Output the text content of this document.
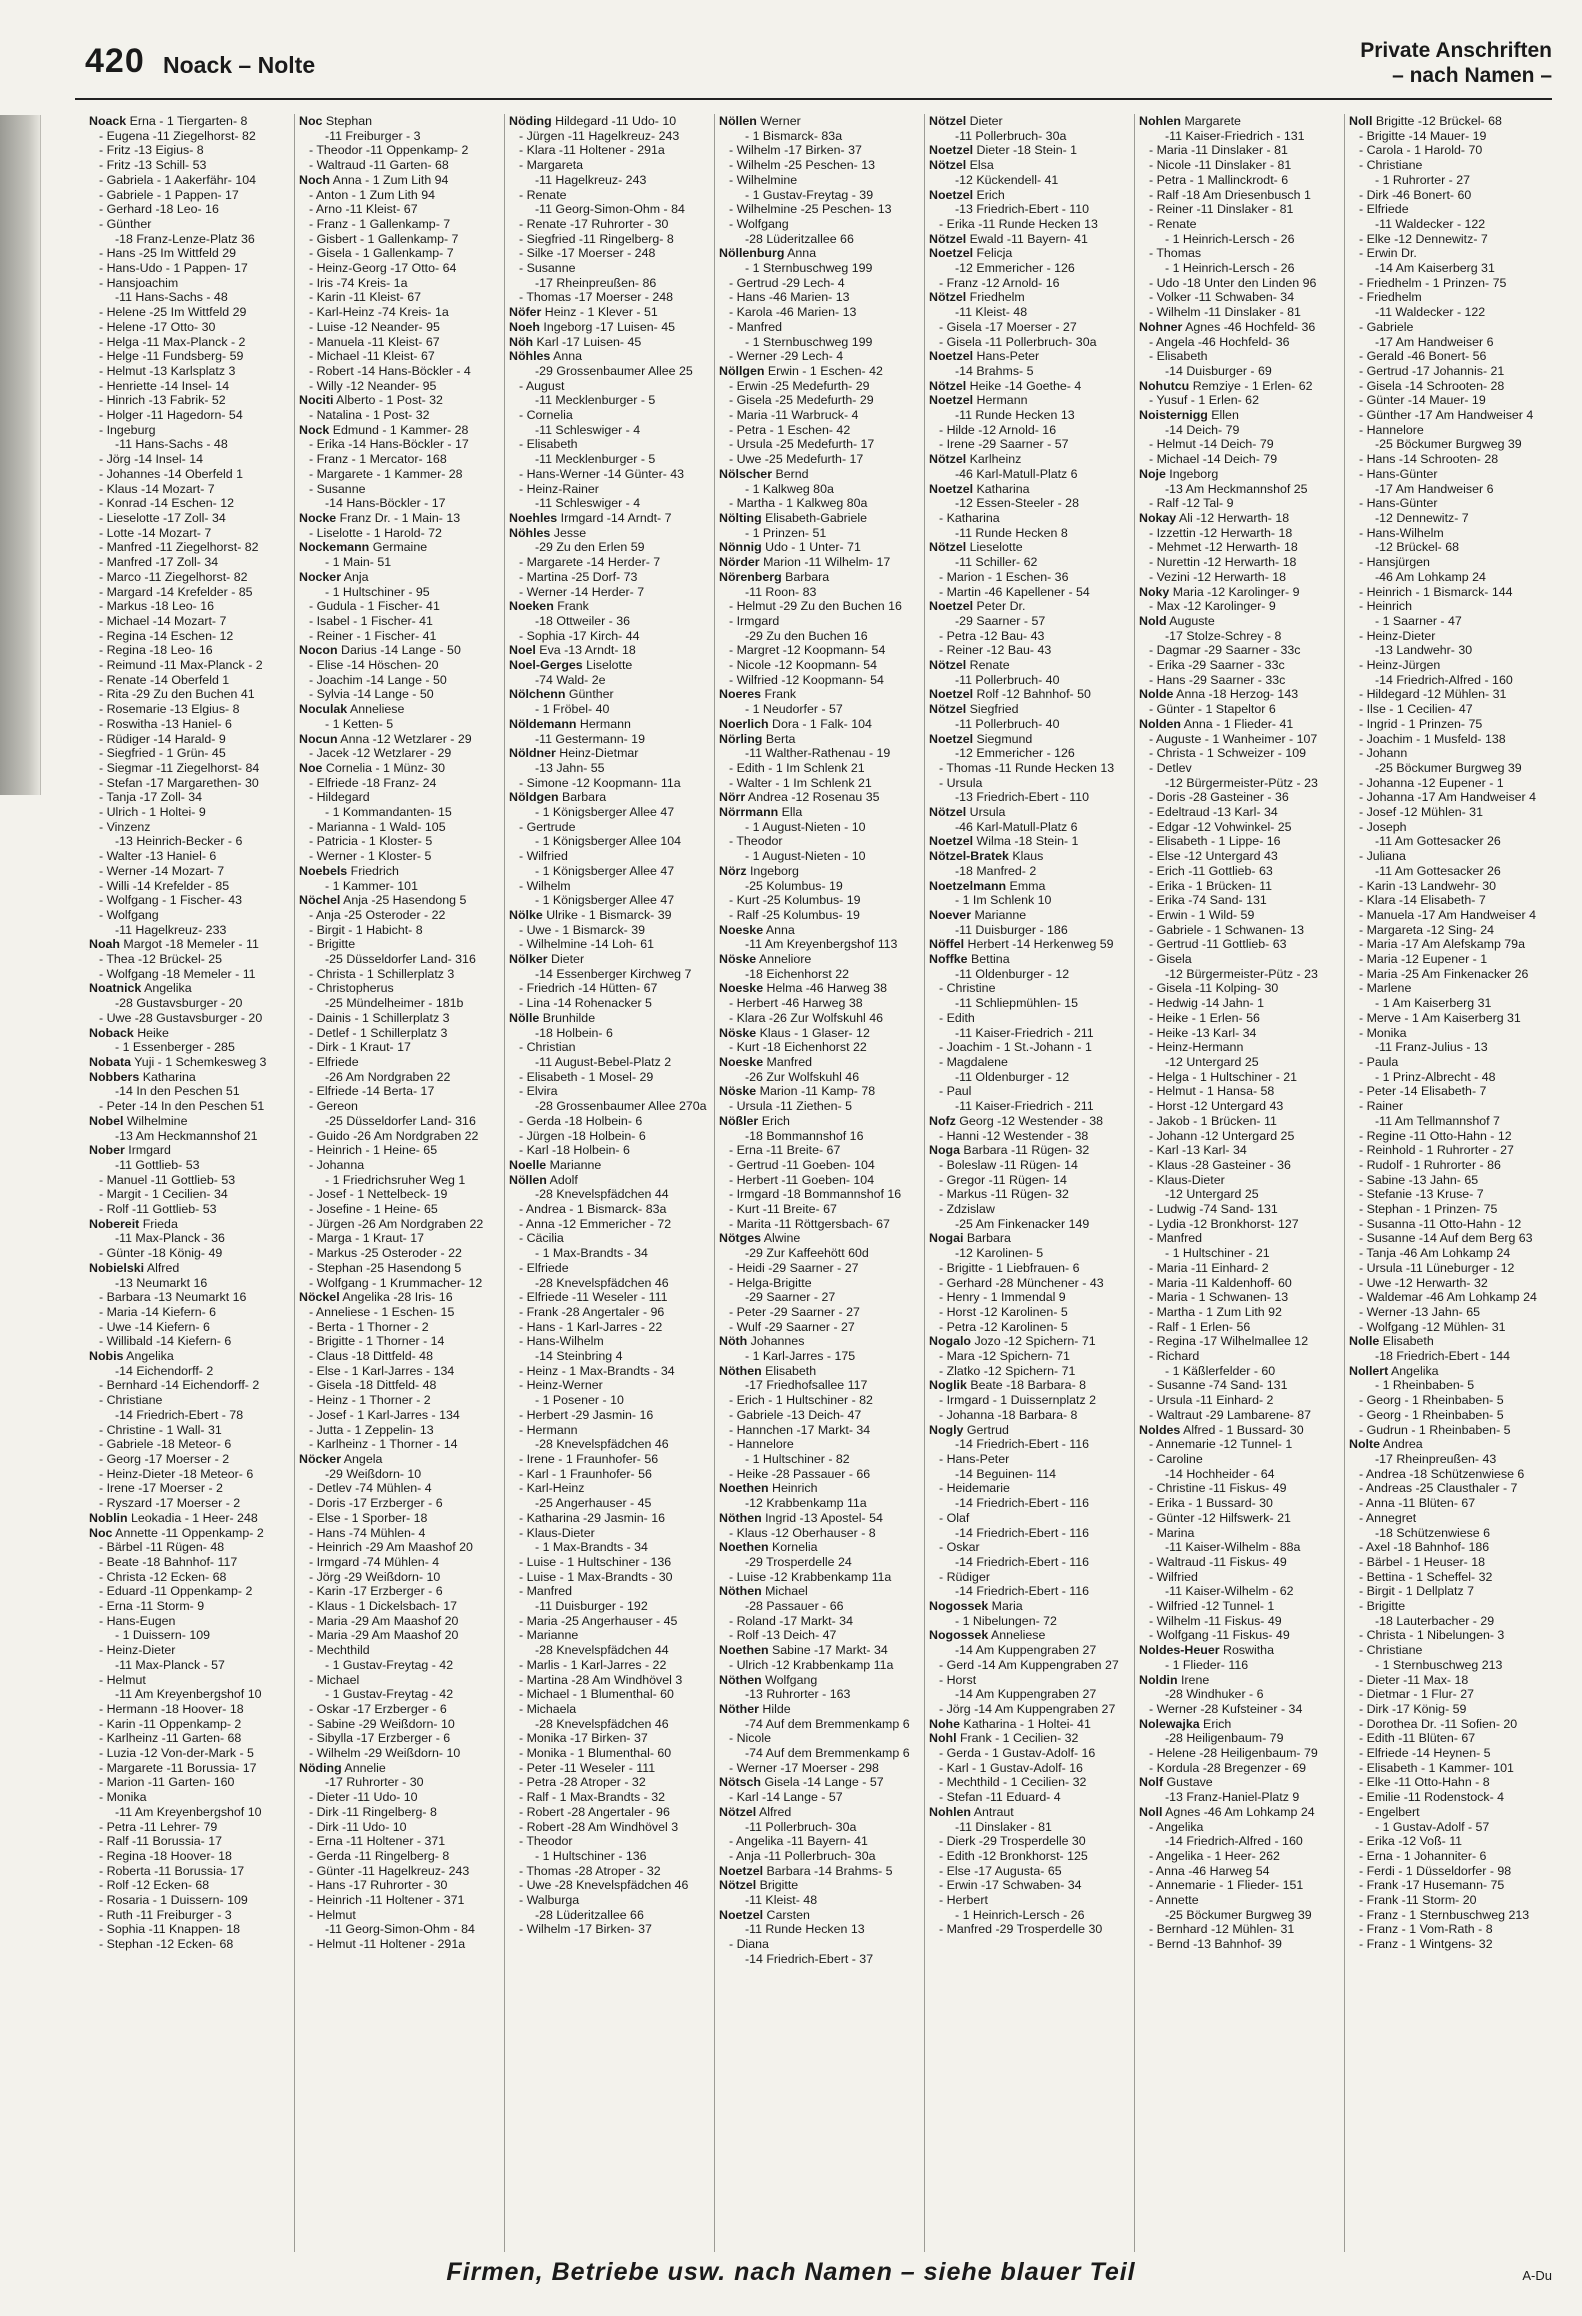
420 Noack – Nolte
Private Anschriften
– nach Namen –
Noack Erna - 1 Tiergarten- 8
- Eugena -11 Ziegelhorst- 82
- Fritz -13 Eigius- 8
- Fritz -13 Schill- 53
- Gabriela - 1 Aakerfähr- 104
- Gabriele - 1 Pappen- 17
- Gerhard -18 Leo- 16
- Günther
-18 Franz-Lenze-Platz 36
- Hans -25 Im Wittfeld 29
- Hans-Udo - 1 Pappen- 17
- Hansjoachim
-11 Hans-Sachs - 48
- Helene -25 Im Wittfeld 29
- Helene -17 Otto- 30
- Helga -11 Max-Planck - 2
- Helge -11 Fundsberg- 59
- Helmut -13 Karlsplatz 3
- Henriette -14 Insel- 14
- Hinrich -13 Fabrik- 52
- Holger -11 Hagedorn- 54
- Ingeburg
-11 Hans-Sachs - 48
- Jörg -14 Insel- 14
- Johannes -14 Oberfeld 1
- Klaus -14 Mozart- 7
- Konrad -14 Eschen- 12
- Lieselotte -17 Zoll- 34
- Lotte -14 Mozart- 7
- Manfred -11 Ziegelhorst- 82
- Manfred -17 Zoll- 34
- Marco -11 Ziegelhorst- 82
- Margard -14 Krefelder - 85
- Markus -18 Leo- 16
- Michael -14 Mozart- 7
- Regina -14 Eschen- 12
- Regina -18 Leo- 16
- Reimund -11 Max-Planck - 2
- Renate -14 Oberfeld 1
- Rita -29 Zu den Buchen 41
- Rosemarie -13 Elgius- 8
- Roswitha -13 Haniel- 6
- Rüdiger -14 Harald- 9
- Siegfried - 1 Grün- 45
- Siegmar -11 Ziegelhorst- 84
- Stefan -17 Margarethen- 30
- Tanja -17 Zoll- 34
- Ulrich - 1 Holtei- 9
- Vinzenz
-13 Heinrich-Becker - 6
- Walter -13 Haniel- 6
- Werner -14 Mozart- 7
- Willi -14 Krefelder - 85
- Wolfgang - 1 Fischer- 43
- Wolfgang
-11 Hagelkreuz- 233
Noah Margot -18 Memeler - 11
- Thea -12 Brückel- 25
- Wolfgang -18 Memeler - 11
Noatnick Angelika
-28 Gustavsburger - 20
- Uwe -28 Gustavsburger - 20
Noback Heike
- 1 Essenberger - 285
Nobata Yuji - 1 Schemkesweg 3
Nobbers Katharina
-14 In den Peschen 51
- Peter -14 In den Peschen 51
Nobel Wilhelmine
-13 Am Heckmannshof 21
Nober Irmgard
-11 Gottlieb- 53
- Manuel -11 Gottlieb- 53
- Margit - 1 Cecilien- 34
- Rolf -11 Gottlieb- 53
Nobereit Frieda
-11 Max-Planck - 36
- Günter -18 König- 49
Nobielski Alfred
-13 Neumarkt 16
- Barbara -13 Neumarkt 16
- Maria -14 Kiefern- 6
- Uwe -14 Kiefern- 6
- Willibald -14 Kiefern- 6
Nobis Angelika
-14 Eichendorff- 2
- Bernhard -14 Eichendorff- 2
- Christiane
-14 Friedrich-Ebert - 78
- Christine - 1 Wall- 31
- Gabriele -18 Meteor- 6
- Georg -17 Moerser - 2
- Heinz-Dieter -18 Meteor- 6
- Irene -17 Moerser - 2
- Ryszard -17 Moerser - 2
Noblin Leokadia - 1 Heer- 248
Noc Annette -11 Oppenkamp- 2
- Bärbel -11 Rügen- 48
- Beate -18 Bahnhof- 117
- Christa -12 Ecken- 68
- Eduard -11 Oppenkamp- 2
- Erna -11 Storm- 9
- Hans-Eugen
- 1 Duissern- 109
- Heinz-Dieter
-11 Max-Planck - 57
- Helmut
-11 Am Kreyenbergshof 10
- Hermann -18 Hoover- 18
- Karin -11 Oppenkamp- 2
- Karlheinz -11 Garten- 68
- Luzia -12 Von-der-Mark - 5
- Margarete -11 Borussia- 17
- Marion -11 Garten- 160
- Monika
-11 Am Kreyenbergshof 10
- Petra -11 Lehrer- 79
- Ralf -11 Borussia- 17
- Regina -18 Hoover- 18
- Roberta -11 Borussia- 17
- Rolf -12 Ecken- 68
- Rosaria - 1 Duissern- 109
- Ruth -11 Freiburger - 3
- Sophia -11 Knappen- 18
- Stephan -12 Ecken- 68
Noc Stephan
-11 Freiburger - 3
- Theodor -11 Oppenkamp- 2
- Waltraud -11 Garten- 68
Noch Anna - 1 Zum Lith 94
- Anton - 1 Zum Lith 94
- Arno -11 Kleist- 67
- Franz - 1 Gallenkamp- 7
- Gisbert - 1 Gallenkamp- 7
- Gisela - 1 Gallenkamp- 7
- Heinz-Georg -17 Otto- 64
- Iris -74 Kreis- 1a
- Karin -11 Kleist- 67
- Karl-Heinz -74 Kreis- 1a
- Luise -12 Neander- 95
- Manuela -11 Kleist- 67
- Michael -11 Kleist- 67
- Robert -14 Hans-Böckler - 4
- Willy -12 Neander- 95
Nociti Alberto - 1 Post- 32
- Natalina - 1 Post- 32
Nock Edmund - 1 Kammer- 28
- Erika -14 Hans-Böckler - 17
- Franz - 1 Mercator- 168
- Margarete - 1 Kammer- 28
- Susanne
-14 Hans-Böckler - 17
Nocke Franz Dr. - 1 Main- 13
- Liselotte - 1 Harold- 72
Nockemann Germaine
- 1 Main- 51
Nocker Anja
- 1 Hultschiner - 95
- Gudula - 1 Fischer- 41
- Isabel - 1 Fischer- 41
- Reiner - 1 Fischer- 41
Nocon Darius -14 Lange - 50
- Elise -14 Höschen- 20
- Joachim -14 Lange - 50
- Sylvia -14 Lange - 50
Noculak Anneliese
- 1 Ketten- 5
Nocun Anna -12 Wetzlarer - 29
- Jacek -12 Wetzlarer - 29
Noe Cornelia - 1 Münz- 30
- Elfriede -18 Franz- 24
- Hildegard
- 1 Kommandanten- 15
- Marianna - 1 Wald- 105
- Patricia - 1 Kloster- 5
- Werner - 1 Kloster- 5
Noebels Friedrich
- 1 Kammer- 101
Nöchel Anja -25 Hasendong 5
- Anja -25 Osteroder - 22
- Birgit - 1 Habicht- 8
- Brigitte
-25 Düsseldorfer Land- 316
- Christa - 1 Schillerplatz 3
- Christopherus
-25 Mündelheimer - 181b
- Dainis - 1 Schillerplatz 3
- Detlef - 1 Schillerplatz 3
- Dirk - 1 Kraut- 17
- Elfriede
-26 Am Nordgraben 22
- Elfriede -14 Berta- 17
- Gereon
-25 Düsseldorfer Land- 316
- Guido -26 Am Nordgraben 22
- Heinrich - 1 Heine- 65
- Johanna
- 1 Friedrichsruher Weg 1
- Josef - 1 Nettelbeck- 19
- Josefine - 1 Heine- 65
- Jürgen -26 Am Nordgraben 22
- Marga - 1 Kraut- 17
- Markus -25 Osteroder - 22
- Stephan -25 Hasendong 5
- Wolfgang - 1 Krummacher- 12
Nöckel Angelika -28 Iris- 16
- Anneliese - 1 Eschen- 15
- Berta - 1 Thorner - 2
- Brigitte - 1 Thorner - 14
- Claus -18 Dittfeld- 48
- Else - 1 Karl-Jarres - 134
- Gisela -18 Dittfeld- 48
- Heinz - 1 Thorner - 2
- Josef - 1 Karl-Jarres - 134
- Jutta - 1 Zeppelin- 13
- Karlheinz - 1 Thorner - 14
Nöcker Angela
-29 Weißdorn- 10
- Detlev -74 Mühlen- 4
- Doris -17 Erzberger - 6
- Else - 1 Sporber- 18
- Hans -74 Mühlen- 4
- Heinrich -29 Am Maashof 20
- Irmgard -74 Mühlen- 4
- Jörg -29 Weißdorn- 10
- Karin -17 Erzberger - 6
- Klaus - 1 Dickelsbach- 17
- Maria -29 Am Maashof 20
- Maria -29 Am Maashof 20
- Mechthild
- 1 Gustav-Freytag - 42
- Michael
- 1 Gustav-Freytag - 42
- Oskar -17 Erzberger - 6
- Sabine -29 Weißdorn- 10
- Sibylla -17 Erzberger - 6
- Wilhelm -29 Weißdorn- 10
Nöding Annelie
-17 Ruhrorter - 30
- Dieter -11 Udo- 10
- Dirk -11 Ringelberg- 8
- Dirk -11 Udo- 10
- Erna -11 Holtener - 371
- Gerda -11 Ringelberg- 8
- Günter -11 Hagelkreuz- 243
- Hans -17 Ruhrorter - 30
- Heinrich -11 Holtener - 371
- Helmut
-11 Georg-Simon-Ohm - 84
- Helmut -11 Holtener - 291a
Nöding Hildegard -11 Udo- 10
- Jürgen -11 Hagelkreuz- 243
- Klara -11 Holtener - 291a
- Margareta
-11 Hagelkreuz- 243
- Renate
-11 Georg-Simon-Ohm - 84
- Renate -17 Ruhrorter - 30
- Siegfried -11 Ringelberg- 8
- Silke -17 Moerser - 248
- Susanne
-17 Rheinpreußen- 86
- Thomas -17 Moerser - 248
Nöfer Heinz - 1 Klever - 51
Noeh Ingeborg -17 Luisen- 45
Nöh Karl -17 Luisen- 45
Nöhles Anna
-29 Grossenbaumer Allee 25
- August
-11 Mecklenburger - 5
- Cornelia
-11 Schleswiger - 4
- Elisabeth
-11 Mecklenburger - 5
- Hans-Werner -14 Günter- 43
- Heinz-Rainer
-11 Schleswiger - 4
Noehles Irmgard -14 Arndt- 7
Nöhles Jesse
-29 Zu den Erlen 59
- Margarete -14 Herder- 7
- Martina -25 Dorf- 73
- Werner -14 Herder- 7
Noeken Frank
-18 Ottweiler - 36
- Sophia -17 Kirch- 44
Noel Eva -13 Arndt- 18
Noel-Gerges Liselotte
-74 Wald- 2e
Nölchenn Günther
- 1 Fröbel- 40
Nöldemann Hermann
-11 Gestermann- 19
Nöldner Heinz-Dietmar
-13 Jahn- 55
- Simone -12 Koopmann- 11a
Nöldgen Barbara
- 1 Königsberger Allee 47
- Gertrude
- 1 Königsberger Allee 104
- Wilfried
- 1 Königsberger Allee 47
- Wilhelm
- 1 Königsberger Allee 47
Nölke Ulrike - 1 Bismarck- 39
- Uwe - 1 Bismarck- 39
- Wilhelmine -14 Loh- 61
Nölker Dieter
-14 Essenberger Kirchweg 7
- Friedrich -14 Hütten- 67
- Lina -14 Rohenacker 5
Nölle Brunhilde
-18 Holbein- 6
- Christian
-11 August-Bebel-Platz 2
- Elisabeth - 1 Mosel- 29
- Elvira
-28 Grossenbaumer Allee 270a
- Gerda -18 Holbein- 6
- Jürgen -18 Holbein- 6
- Karl -18 Holbein- 6
Noelle Marianne
Nöllen Adolf
-28 Knevelspfädchen 44
- Andrea - 1 Bismarck- 83a
- Anna -12 Emmericher - 72
- Cäcilia
- 1 Max-Brandts - 34
- Elfriede
-28 Knevelspfädchen 46
- Elfriede -11 Weseler - 111
- Frank -28 Angertaler - 96
- Hans - 1 Karl-Jarres - 22
- Hans-Wilhelm
-14 Steinbring 4
- Heinz - 1 Max-Brandts - 34
- Heinz-Werner
- 1 Posener - 10
- Herbert -29 Jasmin- 16
- Hermann
-28 Knevelspfädchen 46
- Irene - 1 Fraunhofer- 56
- Karl - 1 Fraunhofer- 56
- Karl-Heinz
-25 Angerhauser - 45
- Katharina -29 Jasmin- 16
- Klaus-Dieter
- 1 Max-Brandts - 34
- Luise - 1 Hultschiner - 136
- Luise - 1 Max-Brandts - 30
- Manfred
-11 Duisburger - 192
- Maria -25 Angerhauser - 45
- Marianne
-28 Knevelspfädchen 44
- Marlis - 1 Karl-Jarres - 22
- Martina -28 Am Windhövel 3
- Michael - 1 Blumenthal- 60
- Michaela
-28 Knevelspfädchen 46
- Monika -17 Birken- 37
- Monika - 1 Blumenthal- 60
- Peter -11 Weseler - 111
- Petra -28 Atroper - 32
- Ralf - 1 Max-Brandts - 32
- Robert -28 Angertaler - 96
- Robert -28 Am Windhövel 3
- Theodor
- 1 Hultschiner - 136
- Thomas -28 Atroper - 32
- Uwe -28 Knevelspfädchen 46
- Walburga
-28 Lüderitzallee 66
- Wilhelm -17 Birken- 37
Nöllen Werner
- 1 Bismarck- 83a
- Wilhelm -17 Birken- 37
- Wilhelm -25 Peschen- 13
- Wilhelmine
- 1 Gustav-Freytag - 39
- Wilhelmine -25 Peschen- 13
- Wolfgang
-28 Lüderitzallee 66
Nöllenburg Anna
- 1 Sternbuschweg 199
- Gertrud -29 Lech- 4
- Hans -46 Marien- 13
- Karola -46 Marien- 13
- Manfred
- 1 Sternbuschweg 199
- Werner -29 Lech- 4
Nöllgen Erwin - 1 Eschen- 42
- Erwin -25 Medefurth- 29
- Gisela -25 Medefurth- 29
- Maria -11 Warbruck- 4
- Petra - 1 Eschen- 42
- Ursula -25 Medefurth- 17
- Uwe -25 Medefurth- 17
Nölscher Bernd
- 1 Kalkweg 80a
- Martha - 1 Kalkweg 80a
Nölting Elisabeth-Gabriele
- 1 Prinzen- 51
Nönnig Udo - 1 Unter- 71
Nörder Marion -11 Wilhelm- 17
Nörenberg Barbara
-11 Roon- 83
- Helmut -29 Zu den Buchen 16
- Irmgard
-29 Zu den Buchen 16
- Margret -12 Koopmann- 54
- Nicole -12 Koopmann- 54
- Wilfried -12 Koopmann- 54
Noeres Frank
- 1 Neudorfer - 57
Noerlich Dora - 1 Falk- 104
Nörling Berta
-11 Walther-Rathenau - 19
- Edith - 1 Im Schlenk 21
- Walter - 1 Im Schlenk 21
Nörr Andrea -12 Rosenau 35
Nörrmann Ella
- 1 August-Nieten - 10
- Theodor
- 1 August-Nieten - 10
Nörz Ingeborg
-25 Kolumbus- 19
- Kurt -25 Kolumbus- 19
- Ralf -25 Kolumbus- 19
Noeske Anna
-11 Am Kreyenbergshof 113
Nöske Anneliore
-18 Eichenhorst 22
Noeske Helma -46 Harweg 38
- Herbert -46 Harweg 38
- Klara -26 Zur Wolfskuhl 46
Nöske Klaus - 1 Glaser- 12
- Kurt -18 Eichenhorst 22
Noeske Manfred
-26 Zur Wolfskuhl 46
Nöske Marion -11 Kamp- 78
- Ursula -11 Ziethen- 5
Nößler Erich
-18 Bommannshof 16
- Erna -11 Breite- 67
- Gertrud -11 Goeben- 104
- Herbert -11 Goeben- 104
- Irmgard -18 Bommannshof 16
- Kurt -11 Breite- 67
- Marita -11 Röttgersbach- 67
Nötges Alwine
-29 Zur Kaffeehött 60d
- Heidi -29 Saarner - 27
- Helga-Brigitte
-29 Saarner - 27
- Peter -29 Saarner - 27
- Wulf -29 Saarner - 27
Nöth Johannes
- 1 Karl-Jarres - 175
Nöthen Elisabeth
-17 Friedhofsallee 117
- Erich - 1 Hultschiner - 82
- Gabriele -13 Deich- 47
- Hannchen -17 Markt- 34
- Hannelore
- 1 Hultschiner - 82
- Heike -28 Passauer - 66
Noethen Heinrich
-12 Krabbenkamp 11a
Nöthen Ingrid -13 Apostel- 54
- Klaus -12 Oberhauser - 8
Noethen Kornelia
-29 Trosperdelle 24
- Luise -12 Krabbenkamp 11a
Nöthen Michael
-28 Passauer - 66
- Roland -17 Markt- 34
- Rolf -13 Deich- 47
Noethen Sabine -17 Markt- 34
- Ulrich -12 Krabbenkamp 11a
Nöthen Wolfgang
-13 Ruhrorter - 163
Nöther Hilde
-74 Auf dem Bremmenkamp 6
- Nicole
-74 Auf dem Bremmenkamp 6
- Werner -17 Moerser - 298
Nötsch Gisela -14 Lange - 57
- Karl -14 Lange - 57
Nötzel Alfred
-11 Pollerbruch- 30a
- Angelika -11 Bayern- 41
- Anja -11 Pollerbruch- 30a
Noetzel Barbara -14 Brahms- 5
Nötzel Brigitte
-11 Kleist- 48
Noetzel Carsten
-11 Runde Hecken 13
- Diana
-14 Friedrich-Ebert - 37
Nötzel Dieter
-11 Pollerbruch- 30a
Noetzel Dieter -18 Stein- 1
Nötzel Elsa
-12 Kückendell- 41
Noetzel Erich
-13 Friedrich-Ebert - 110
- Erika -11 Runde Hecken 13
Nötzel Ewald -11 Bayern- 41
Noetzel Felicja
-12 Emmericher - 126
- Franz -12 Arnold- 16
Nötzel Friedhelm
-11 Kleist- 48
- Gisela -17 Moerser - 27
- Gisela -11 Pollerbruch- 30a
Noetzel Hans-Peter
-14 Brahms- 5
Nötzel Heike -14 Goethe- 4
Noetzel Hermann
-11 Runde Hecken 13
- Hilde -12 Arnold- 16
- Irene -29 Saarner - 57
Nötzel Karlheinz
-46 Karl-Matull-Platz 6
Noetzel Katharina
-12 Essen-Steeler - 28
- Katharina
-11 Runde Hecken 8
Nötzel Lieselotte
-11 Schiller- 62
- Marion - 1 Eschen- 36
- Martin -46 Kapellener - 54
Noetzel Peter Dr.
-29 Saarner - 57
- Petra -12 Bau- 43
- Reiner -12 Bau- 43
Nötzel Renate
-11 Pollerbruch- 40
Noetzel Rolf -12 Bahnhof- 50
Nötzel Siegfried
-11 Pollerbruch- 40
Noetzel Siegmund
-12 Emmericher - 126
- Thomas -11 Runde Hecken 13
- Ursula
-13 Friedrich-Ebert - 110
Nötzel Ursula
-46 Karl-Matull-Platz 6
Noetzel Wilma -18 Stein- 1
Nötzel-Bratek Klaus
-18 Manfred- 2
Noetzelmann Emma
- 1 Im Schlenk 10
Noever Marianne
-11 Duisburger - 186
Nöffel Herbert -14 Herkenweg 59
Noffke Bettina
-11 Oldenburger - 12
- Christine
-11 Schliepmühlen- 15
- Edith
-11 Kaiser-Friedrich - 211
- Joachim - 1 St.-Johann - 1
- Magdalene
-11 Oldenburger - 12
- Paul
-11 Kaiser-Friedrich - 211
Nofz Georg -12 Westender - 38
- Hanni -12 Westender - 38
Noga Barbara -11 Rügen- 32
- Boleslaw -11 Rügen- 14
- Gregor -11 Rügen- 14
- Markus -11 Rügen- 32
- Zdzislaw
-25 Am Finkenacker 149
Nogai Barbara
-12 Karolinen- 5
- Brigitte - 1 Liebfrauen- 6
- Gerhard -28 Münchener - 43
- Henry - 1 Immendal 9
- Horst -12 Karolinen- 5
- Petra -12 Karolinen- 5
Nogalo Jozo -12 Spichern- 71
- Mara -12 Spichern- 71
- Zlatko -12 Spichern- 71
Noglik Beate -18 Barbara- 8
- Irmgard - 1 Duissernplatz 2
- Johanna -18 Barbara- 8
Nogly Gertrud
-14 Friedrich-Ebert - 116
- Hans-Peter
-14 Beguinen- 114
- Heidemarie
-14 Friedrich-Ebert - 116
- Olaf
-14 Friedrich-Ebert - 116
- Oskar
-14 Friedrich-Ebert - 116
- Rüdiger
-14 Friedrich-Ebert - 116
Nogossek Maria
- 1 Nibelungen- 72
Nogossek Anneliese
-14 Am Kuppengraben 27
- Gerd -14 Am Kuppengraben 27
- Horst
-14 Am Kuppengraben 27
- Jörg -14 Am Kuppengraben 27
Nohe Katharina - 1 Holtei- 41
Nohl Frank - 1 Cecilien- 32
- Gerda - 1 Gustav-Adolf- 16
- Karl - 1 Gustav-Adolf- 16
- Mechthild - 1 Cecilien- 32
- Stefan -11 Eduard- 4
Nohlen Antraut
-11 Dinslaker - 81
- Dierk -29 Trosperdelle 30
- Edith -12 Bronkhorst- 125
- Else -17 Augusta- 65
- Erwin -17 Schwaben- 34
- Herbert
- 1 Heinrich-Lersch - 26
- Manfred -29 Trosperdelle 30
Nohlen Margarete
-11 Kaiser-Friedrich - 131
- Maria -11 Dinslaker - 81
- Nicole -11 Dinslaker - 81
- Petra - 1 Mallinckrodt- 6
- Ralf -18 Am Driesenbusch 1
- Reiner -11 Dinslaker - 81
- Renate
- 1 Heinrich-Lersch - 26
- Thomas
- 1 Heinrich-Lersch - 26
- Udo -18 Unter den Linden 96
- Volker -11 Schwaben- 34
- Wilhelm -11 Dinslaker - 81
Nohner Agnes -46 Hochfeld- 36
- Angela -46 Hochfeld- 36
- Elisabeth
-14 Duisburger - 69
Nohutcu Remziye - 1 Erlen- 62
- Yusuf - 1 Erlen- 62
Noisternigg Ellen
-14 Deich- 79
- Helmut -14 Deich- 79
- Michael -14 Deich- 79
Noje Ingeborg
-13 Am Heckmannshof 25
- Ralf -12 Tal- 9
Nokay Ali -12 Herwarth- 18
- Izzettin -12 Herwarth- 18
- Mehmet -12 Herwarth- 18
- Nurettin -12 Herwarth- 18
- Vezini -12 Herwarth- 18
Noky Maria -12 Karolinger- 9
- Max -12 Karolinger- 9
Nold Auguste
-17 Stolze-Schrey - 8
- Dagmar -29 Saarner - 33c
- Erika -29 Saarner - 33c
- Hans -29 Saarner - 33c
Nolde Anna -18 Herzog- 143
- Günter - 1 Stapeltor 6
Nolden Anna - 1 Flieder- 41
- Auguste - 1 Wanheimer - 107
- Christa - 1 Schweizer - 109
- Detlev
-12 Bürgermeister-Pütz - 23
- Doris -28 Gasteiner - 36
- Edeltraud -13 Karl- 34
- Edgar -12 Vohwinkel- 25
- Elisabeth - 1 Lippe- 16
- Else -12 Untergard 43
- Erich -11 Gottlieb- 63
- Erika - 1 Brücken- 11
- Erika -74 Sand- 131
- Erwin - 1 Wild- 59
- Gabriele - 1 Schwanen- 13
- Gertrud -11 Gottlieb- 63
- Gisela
-12 Bürgermeister-Pütz - 23
- Gisela -11 Kolping- 30
- Hedwig -14 Jahn- 1
- Heike - 1 Erlen- 56
- Heike -13 Karl- 34
- Heinz-Hermann
-12 Untergard 25
- Helga - 1 Hultschiner - 21
- Helmut - 1 Hansa- 58
- Horst -12 Untergard 43
- Jakob - 1 Brücken- 11
- Johann -12 Untergard 25
- Karl -13 Karl- 34
- Klaus -28 Gasteiner - 36
- Klaus-Dieter
-12 Untergard 25
- Ludwig -74 Sand- 131
- Lydia -12 Bronkhorst- 127
- Manfred
- 1 Hultschiner - 21
- Maria -11 Einhard- 2
- Maria -11 Kaldenhoff- 60
- Maria - 1 Schwanen- 13
- Martha - 1 Zum Lith 92
- Ralf - 1 Erlen- 56
- Regina -17 Wilhelmallee 12
- Richard
- 1 Käßlerfelder - 60
- Susanne -74 Sand- 131
- Ursula -11 Einhard- 2
- Waltraut -29 Lambarene- 87
Noldes Alfred - 1 Bussard- 30
- Annemarie -12 Tunnel- 1
- Caroline
-14 Hochheider - 64
- Christine -11 Fiskus- 49
- Erika - 1 Bussard- 30
- Günter -12 Hilfswerk- 21
- Marina
-11 Kaiser-Wilhelm - 88a
- Waltraud -11 Fiskus- 49
- Wilfried
-11 Kaiser-Wilhelm - 62
- Wilfried -12 Tunnel- 1
- Wilhelm -11 Fiskus- 49
- Wolfgang -11 Fiskus- 49
Noldes-Heuer Roswitha
- 1 Flieder- 116
Noldin Irene
-28 Windhuker - 6
- Werner -28 Kufsteiner - 34
Nolewajka Erich
-28 Heiligenbaum- 79
- Helene -28 Heiligenbaum- 79
- Kordula -28 Bregenzer - 69
Nolf Gustave
-13 Franz-Haniel-Platz 9
Noll Agnes -46 Am Lohkamp 24
- Angelika
-14 Friedrich-Alfred - 160
- Angelika - 1 Heer- 262
- Anna -46 Harweg 54
- Annemarie - 1 Flieder- 151
- Annette
-25 Böckumer Burgweg 39
- Bernhard -12 Mühlen- 31
- Bernd -13 Bahnhof- 39
Noll Brigitte -12 Brückel- 68
- Brigitte -14 Mauer- 19
- Carola - 1 Harold- 70
- Christiane
- 1 Ruhrorter - 27
- Dirk -46 Bonert- 60
- Elfriede
-11 Waldecker - 122
- Elke -12 Dennewitz- 7
- Erwin Dr.
-14 Am Kaiserberg 31
- Friedhelm - 1 Prinzen- 75
- Friedhelm
-11 Waldecker - 122
- Gabriele
-17 Am Handweiser 6
- Gerald -46 Bonert- 56
- Gertrud -17 Johannis- 21
- Gisela -14 Schrooten- 28
- Günter -14 Mauer- 19
- Günther -17 Am Handweiser 4
- Hannelore
-25 Böckumer Burgweg 39
- Hans -14 Schrooten- 28
- Hans-Günter
-17 Am Handweiser 6
- Hans-Günter
-12 Dennewitz- 7
- Hans-Wilhelm
-12 Brückel- 68
- Hansjürgen
-46 Am Lohkamp 24
- Heinrich - 1 Bismarck- 144
- Heinrich
- 1 Saarner - 47
- Heinz-Dieter
-13 Landwehr- 30
- Heinz-Jürgen
-14 Friedrich-Alfred - 160
- Hildegard -12 Mühlen- 31
- Ilse - 1 Cecilien- 47
- Ingrid - 1 Prinzen- 75
- Joachim - 1 Musfeld- 138
- Johann
-25 Böckumer Burgweg 39
- Johanna -12 Eupener - 1
- Johanna -17 Am Handweiser 4
- Josef -12 Mühlen- 31
- Joseph
-11 Am Gottesacker 26
- Juliana
-11 Am Gottesacker 26
- Karin -13 Landwehr- 30
- Klara -14 Elisabeth- 7
- Manuela -17 Am Handweiser 4
- Margareta -12 Sing- 24
- Maria -17 Am Alefskamp 79a
- Maria -12 Eupener - 1
- Maria -25 Am Finkenacker 26
- Marlene
- 1 Am Kaiserberg 31
- Merve - 1 Am Kaiserberg 31
- Monika
-11 Franz-Julius - 13
- Paula
- 1 Prinz-Albrecht - 48
- Peter -14 Elisabeth- 7
- Rainer
-11 Am Tellmannshof 7
- Regine -11 Otto-Hahn - 12
- Reinhold - 1 Ruhrorter - 27
- Rudolf - 1 Ruhrorter - 86
- Sabine -13 Jahn- 65
- Stefanie -13 Kruse- 7
- Stephan - 1 Prinzen- 75
- Susanna -11 Otto-Hahn - 12
- Susanne -14 Auf dem Berg 63
- Tanja -46 Am Lohkamp 24
- Ursula -11 Lüneburger - 12
- Uwe -12 Herwarth- 32
- Waldemar -46 Am Lohkamp 24
- Werner -13 Jahn- 65
- Wolfgang -12 Mühlen- 31
Nolle Elisabeth
-18 Friedrich-Ebert - 144
Nollert Angelika
- 1 Rheinbaben- 5
- Georg - 1 Rheinbaben- 5
- Georg - 1 Rheinbaben- 5
- Gudrun - 1 Rheinbaben- 5
Nolte Andrea
-17 Rheinpreußen- 43
- Andrea -18 Schützenwiese 6
- Andreas -25 Clausthaler - 7
- Anna -11 Blüten- 67
- Annegret
-18 Schützenwiese 6
- Axel -18 Bahnhof- 186
- Bärbel - 1 Heuser- 18
- Bettina - 1 Scheffel- 32
- Birgit - 1 Dellplatz 7
- Brigitte
-18 Lauterbacher - 29
- Christa - 1 Nibelungen- 3
- Christiane
- 1 Sternbuschweg 213
- Dieter -11 Max- 18
- Dietmar - 1 Flur- 27
- Dirk -17 König- 59
- Dorothea Dr. -11 Sofien- 20
- Edith -11 Blüten- 67
- Elfriede -14 Heynen- 5
- Elisabeth - 1 Kammer- 101
- Elke -11 Otto-Hahn - 8
- Emilie -11 Rodenstock- 4
- Engelbert
- 1 Gustav-Adolf - 57
- Erika -12 Voß- 11
- Erna - 1 Johanniter- 6
- Ferdi - 1 Düsseldorfer - 98
- Frank -17 Husemann- 75
- Frank -11 Storm- 20
- Franz - 1 Sternbuschweg 213
- Franz - 1 Vom-Rath - 8
- Franz - 1 Wintgens- 32
Firmen, Betriebe usw. nach Namen – siehe blauer Teil	A-Du
